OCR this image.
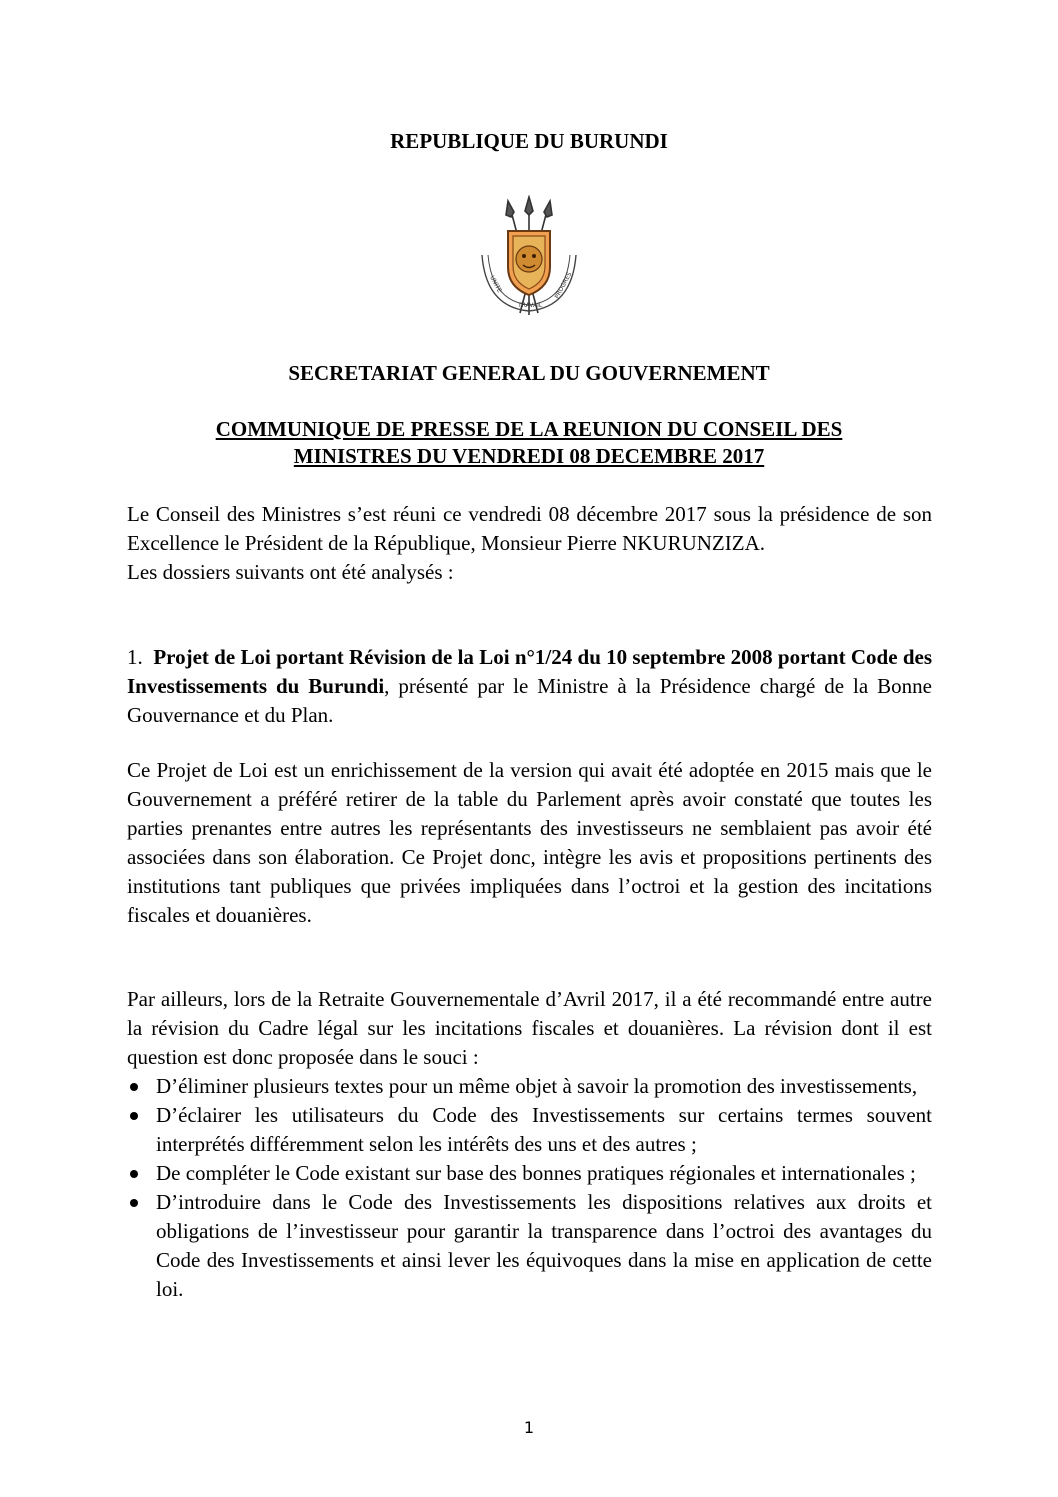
REPUBLIQUE DU BURUNDI
UNITE
TRAVAIL
PROGRES
SECRETARIAT GENERAL DU GOUVERNEMENT
COMMUNIQUE DE PRESSE DE LA REUNION DU CONSEIL DES
MINISTRES DU VENDREDI 08 DECEMBRE 2017

Le Conseil des Ministres s’est réuni ce vendredi 08 décembre 2017 sous la présidence de son Excellence le Président de la République, Monsieur Pierre NKURUNZIZA.

Les dossiers suivants ont été analysés :

1. Projet de Loi portant Révision de la Loi n°1/24 du 10 septembre 2008 portant Code des Investissements du Burundi, présenté par le Ministre à la Présidence chargé de la Bonne Gouvernance et du Plan.

Ce Projet de Loi est un enrichissement de la version qui avait été adoptée en 2015 mais que le Gouvernement a préféré retirer de la table du Parlement après avoir constaté que toutes les parties prenantes entre autres les représentants des investisseurs ne semblaient pas avoir été associées dans son élaboration. Ce Projet donc, intègre les avis et propositions pertinents des institutions tant publiques que privées impliquées dans l’octroi et la gestion des incitations fiscales et douanières.

Par ailleurs, lors de la Retraite Gouvernementale d’Avril 2017, il a été recommandé entre autre la révision du Cadre légal sur les incitations fiscales et douanières. La révision dont il est question est donc proposée dans le souci :

D’éliminer plusieurs textes pour un même objet à savoir la promotion des investissements,
D’éclairer les utilisateurs du Code des Investissements sur certains termes souvent interprétés différemment selon les intérêts des uns et des autres ;
De compléter le Code existant sur base des bonnes pratiques régionales et internationales ;
D’introduire dans le Code des Investissements les dispositions relatives aux droits et obligations de l’investisseur pour garantir la transparence dans l’octroi des avantages du Code des Investissements et ainsi lever les équivoques dans la mise en application de cette loi.
1
